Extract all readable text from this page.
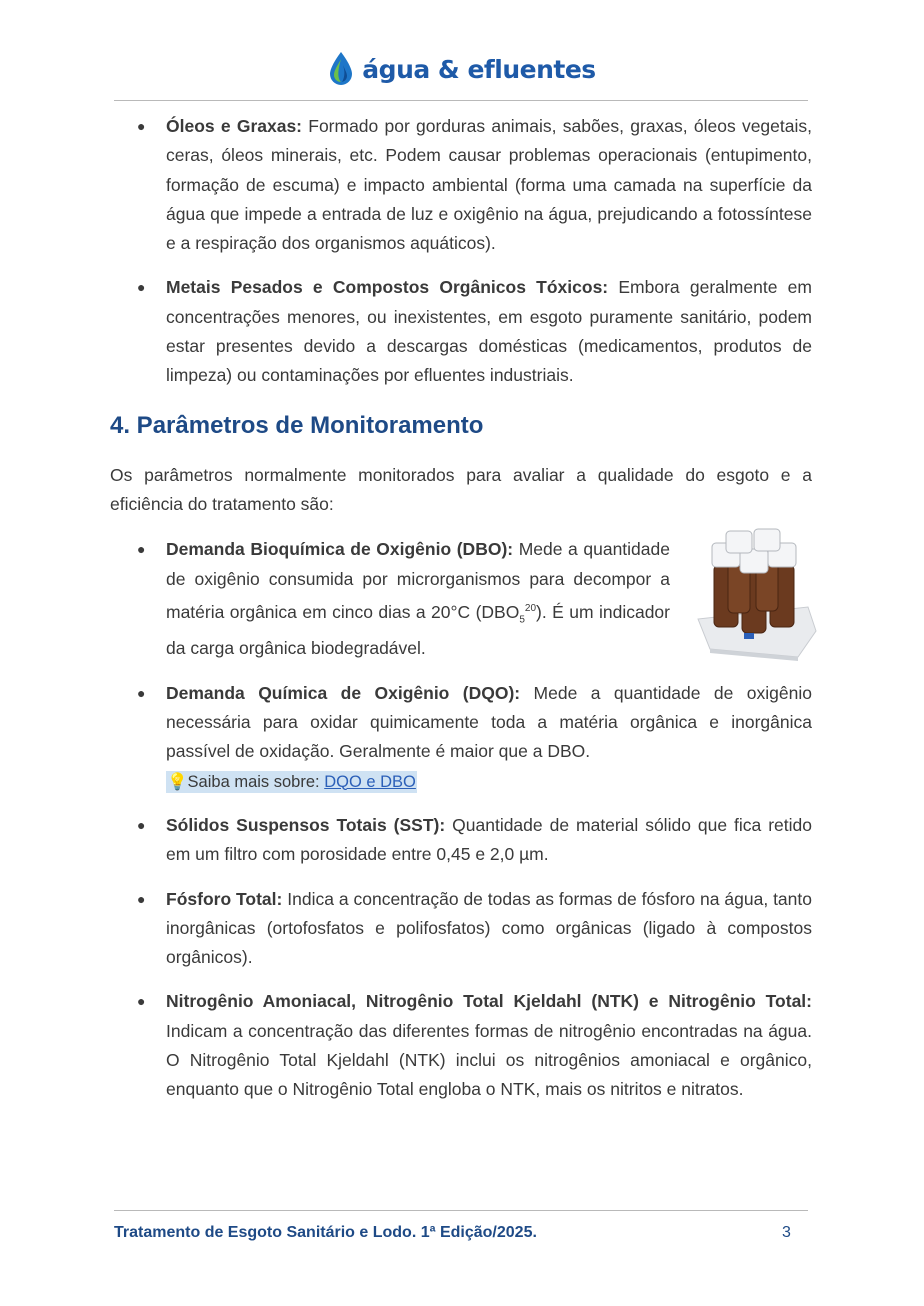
água & efluentes
● Óleos e Graxas: Formado por gorduras animais, sabões, graxas, óleos vegetais, ceras, óleos minerais, etc. Podem causar problemas operacionais (entupimento, formação de escuma) e impacto ambiental (forma uma camada na superfície da água que impede a entrada de luz e oxigênio na água, prejudicando a fotossíntese e a respiração dos organismos aquáticos).
● Metais Pesados e Compostos Orgânicos Tóxicos: Embora geralmente em concentrações menores, ou inexistentes, em esgoto puramente sanitário, podem estar presentes devido a descargas domésticas (medicamentos, produtos de limpeza) ou contaminações por efluentes industriais.
4. Parâmetros de Monitoramento

Os parâmetros normalmente monitorados para avaliar a qualidade do esgoto e a eficiência do tratamento são:

● Demanda Bioquímica de Oxigênio (DBO): Mede a quantidade de oxigênio consumida por microrganismos para decompor a matéria orgânica em cinco dias a 20°C $(DBO_5^{20})$. É um indicador da carga orgânica biodegradável.
● Demanda Química de Oxigênio (DQO): Mede a quantidade de oxigênio necessária para oxidar quimicamente toda a matéria orgânica e inorgânica passível de oxidação. Geralmente é maior que a DBO.
💡Saiba mais sobre: DQO e DBO
● Sólidos Suspensos Totais (SST): Quantidade de material sólido que fica retido em um filtro com porosidade entre 0,45 e 2,0 µm.
● Fósforo Total: Indica a concentração de todas as formas de fósforo na água, tanto inorgânicas (ortofosfatos e polifosfatos) como orgânicas (ligado à compostos orgânicos).
● Nitrogênio Amoniacal, Nitrogênio Total Kjeldahl (NTK) e Nitrogênio Total: Indicam a concentração das diferentes formas de nitrogênio encontradas na água. O Nitrogênio Total Kjeldahl (NTK) inclui os nitrogênios amoniacal e orgânico, enquanto que o Nitrogênio Total engloba o NTK, mais os nitritos e nitratos.
Tratamento de Esgoto Sanitário e Lodo. 1ª Edição/2025.	3
